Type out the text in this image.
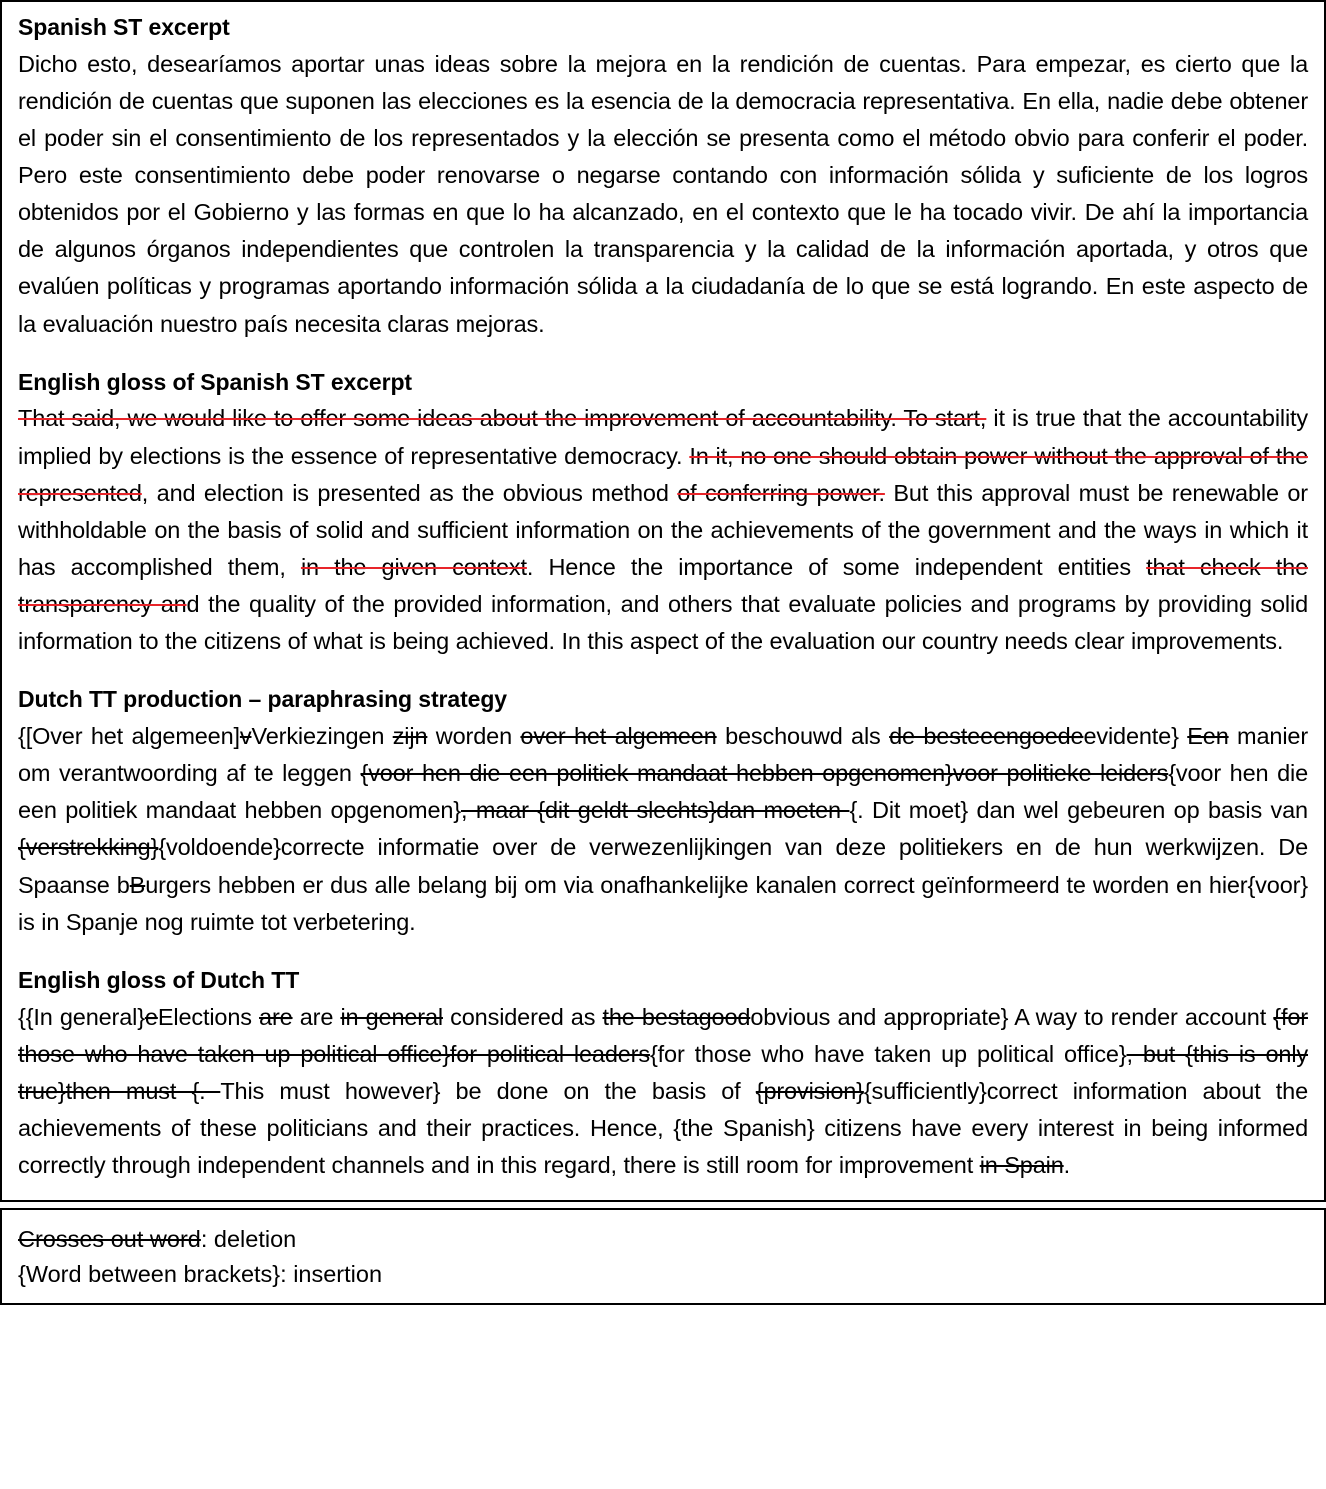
Spanish ST excerpt

Dicho esto, desearíamos aportar unas ideas sobre la mejora en la rendición de cuentas. Para empezar, es cierto que la rendición de cuentas que suponen las elecciones es la esencia de la democracia representativa. En ella, nadie debe obtener el poder sin el consentimiento de los representados y la elección se presenta como el método obvio para conferir el poder. Pero este consentimiento debe poder renovarse o negarse contando con información sólida y suficiente de los logros obtenidos por el Gobierno y las formas en que lo ha alcanzado, en el contexto que le ha tocado vivir. De ahí la importancia de algunos órganos independientes que controlen la transparencia y la calidad de la información aportada, y otros que evalúen políticas y programas aportando información sólida a la ciudadanía de lo que se está logrando. En este aspecto de la evaluación nuestro país necesita claras mejoras.

English gloss of Spanish ST excerpt

That said, we would like to offer some ideas about the improvement of accountability. To start, it is true that the accountability implied by elections is the essence of representative democracy. In it, no one should obtain power without the approval of the represented, and election is presented as the obvious method of conferring power. But this approval must be renewable or withholdable on the basis of solid and sufficient information on the achievements of the government and the ways in which it has accomplished them, in the given context. Hence the importance of some independent entities that check the transparency and the quality of the provided information, and others that evaluate policies and programs by providing solid information to the citizens of what is being achieved. In this aspect of the evaluation our country needs clear improvements.

Dutch TT production – paraphrasing strategy

{[Over het algemeen]vVerkiezingen zijn worden over het algemeen beschouwd als de besteeengoedeevidente} Een manier om verantwoording af te leggen {voor hen die een politiek mandaat hebben opgenomen}voor politieke leiders{voor hen die een politiek mandaat hebben opgenomen}, maar {dit geldt slechts}dan moeten {. Dit moet} dan wel gebeuren op basis van {verstrekking}{voldoende}correcte informatie over de verwezenlijkingen van deze politiekers en de hun werkwijzen. De Spaanse bBurgers hebben er dus alle belang bij om via onafhankelijke kanalen correct geïnformeerd te worden en hier{voor} is in Spanje nog ruimte tot verbetering.

English gloss of Dutch TT

{{In general}eElections are are in general considered as the bestagoodobvious and appropriate} A way to render account {for those who have taken up political office}for political leaders{for those who have taken up political office}, but {this is only true}then must {. This must however} be done on the basis of {provision}{sufficiently}correct information about the achievements of these politicians and their practices. Hence, {the Spanish} citizens have every interest in being informed correctly through independent channels and in this regard, there is still room for improvement in Spain.

Crosses out word: deletion
{Word between brackets}: insertion
